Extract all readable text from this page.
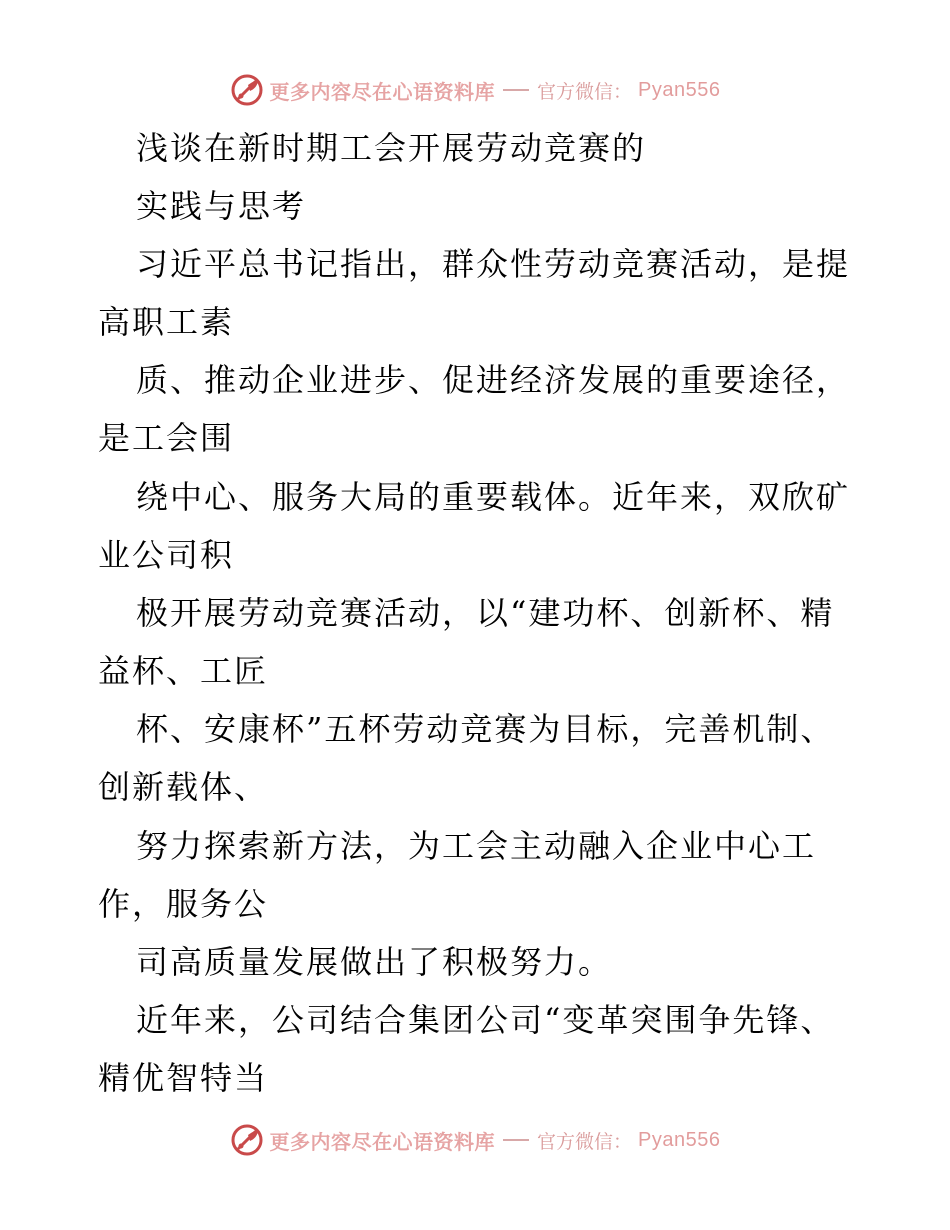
更多内容尽在心语资料库 官方微信： Pyan556
浅谈在新时期工会开展劳动竞赛的
实践与思考
习近平总书记指出，群众性劳动竞赛活动，是提
高职工素
质、推动企业进步、促进经济发展的重要途径，
是工会围
绕中心、服务大局的重要载体。近年来，双欣矿
业公司积
极开展劳动竞赛活动，以“建功杯、创新杯、精
益杯、工匠
杯、安康杯”五杯劳动竞赛为目标，完善机制、
创新载体、
努力探索新方法，为工会主动融入企业中心工
作，服务公
司高质量发展做出了积极努力。
近年来，公司结合集团公司“变革突围争先锋、
精优智特当
更多内容尽在心语资料库 官方微信： Pyan556
